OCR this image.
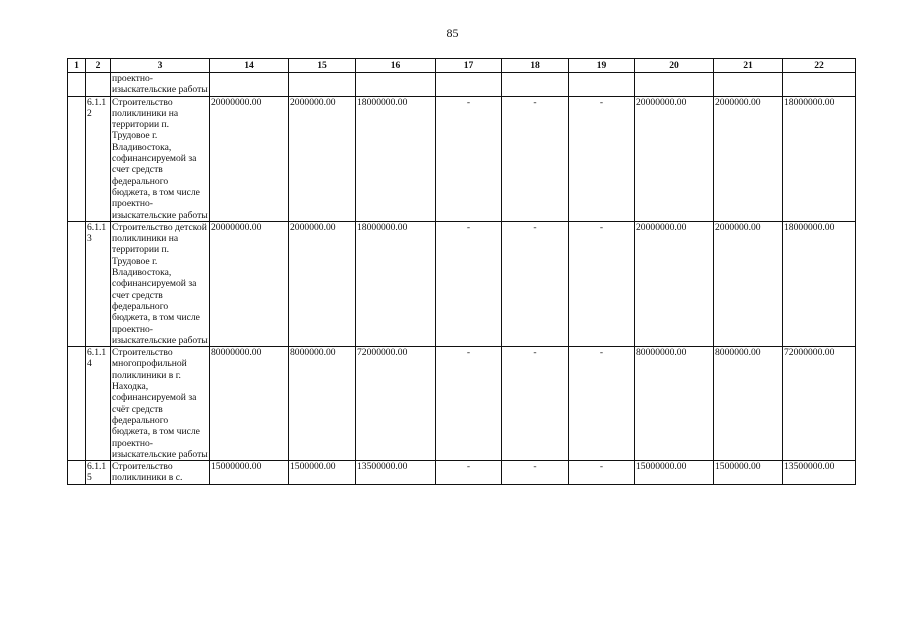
85
1	2	3	14	15	16	17	18	19	20	21	22
		проектно-изыскательские работы									
	6.1.12	Строительство поликлиники на территории п. Трудовое г. Владивостока, софинансируемой за счет средств федерального бюджета, в том числе проектно-изыскательские работы	20000000.00	2000000.00	18000000.00	-	-	-	20000000.00	2000000.00	18000000.00
	6.1.13	Строительство детской поликлиники на территории п. Трудовое г. Владивостока, софинансируемой за счет средств федерального бюджета, в том числе проектно-изыскательские работы	20000000.00	2000000.00	18000000.00	-	-	-	20000000.00	2000000.00	18000000.00
	6.1.14	Строительство многопрофильной поликлиники в г. Находка, софинансируемой за счёт средств федерального бюджета, в том числе проектно-изыскательские работы	80000000.00	8000000.00	72000000.00	-	-	-	80000000.00	8000000.00	72000000.00
	6.1.15	Строительство поликлиники в с.	15000000.00	1500000.00	13500000.00	-	-	-	15000000.00	1500000.00	13500000.00
